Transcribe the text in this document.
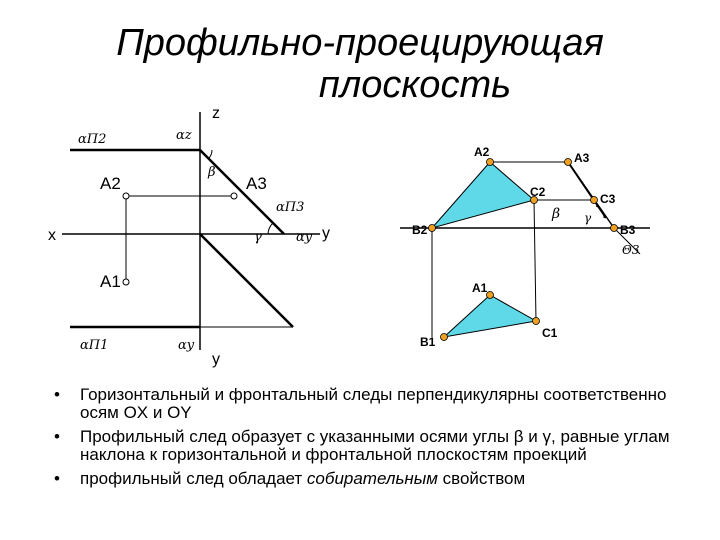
Профильно-проецирующая
плоскость
z
x	y
y
αП2	αz
αП3
αy
αП1	αy
A2	A3
A1
β
γ
A2	A3
C2	C3
B2	B3
β γ
Θ3
A1
B1
C1
• Горизонтальный и фронтальный следы перпендикулярны соответственно осям OX и OY
• Профильный след образует с указанными осями углы β и γ, равные углам наклона к горизонтальной и фронтальной плоскостям проекций
• профильный след обладает собирательным свойством
